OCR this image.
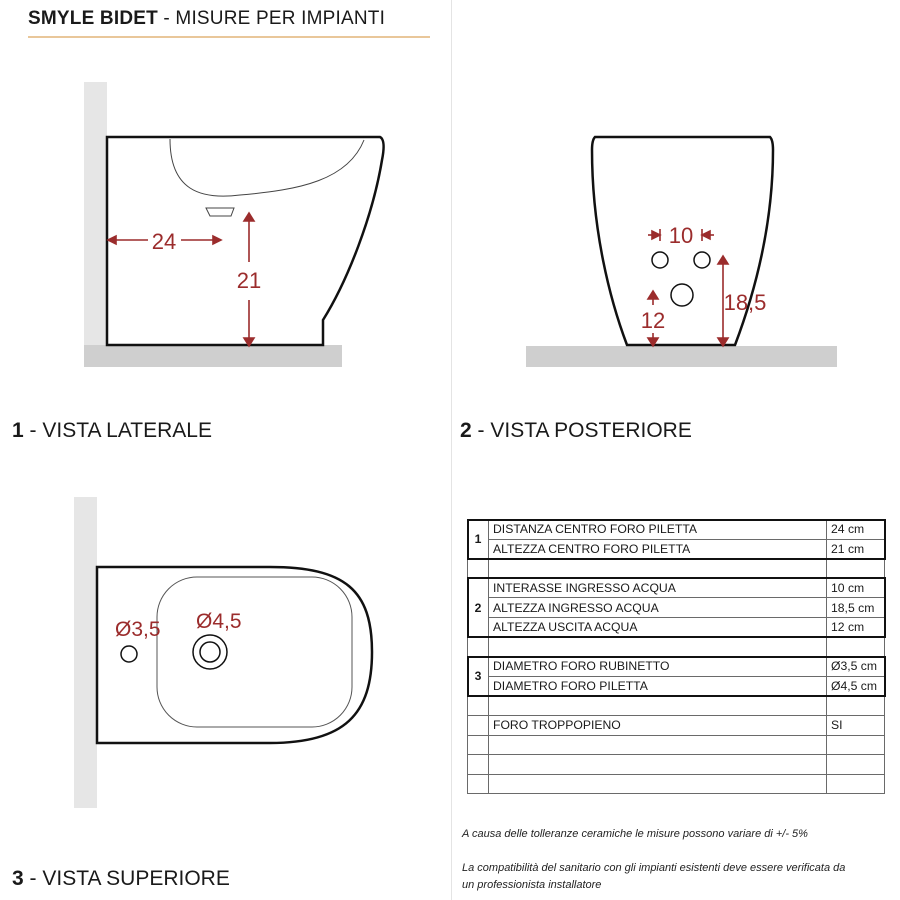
SMYLE BIDET - MISURE PER IMPIANTI
24
21
10
18,5
12
Ø3,5 Ø4,5
1 - VISTA LATERALE	2 - VISTA POSTERIORE
3 - VISTA SUPERIORE
1	DISTANZA CENTRO FORO PILETTA	24 cm
	ALTEZZA CENTRO FORO PILETTA	21 cm

2	INTERASSE INGRESSO ACQUA	10 cm
	ALTEZZA INGRESSO ACQUA	18,5 cm
	ALTEZZA USCITA ACQUA	12 cm

3	DIAMETRO FORO RUBINETTO	Ø3,5 cm
	DIAMETRO FORO PILETTA	Ø4,5 cm

	FORO TROPPOPIENO	SI

A causa delle tolleranze ceramiche le misure possono variare di +/- 5%
La compatibilità del sanitario con gli impianti esistenti deve essere verificata da
un professionista installatore
